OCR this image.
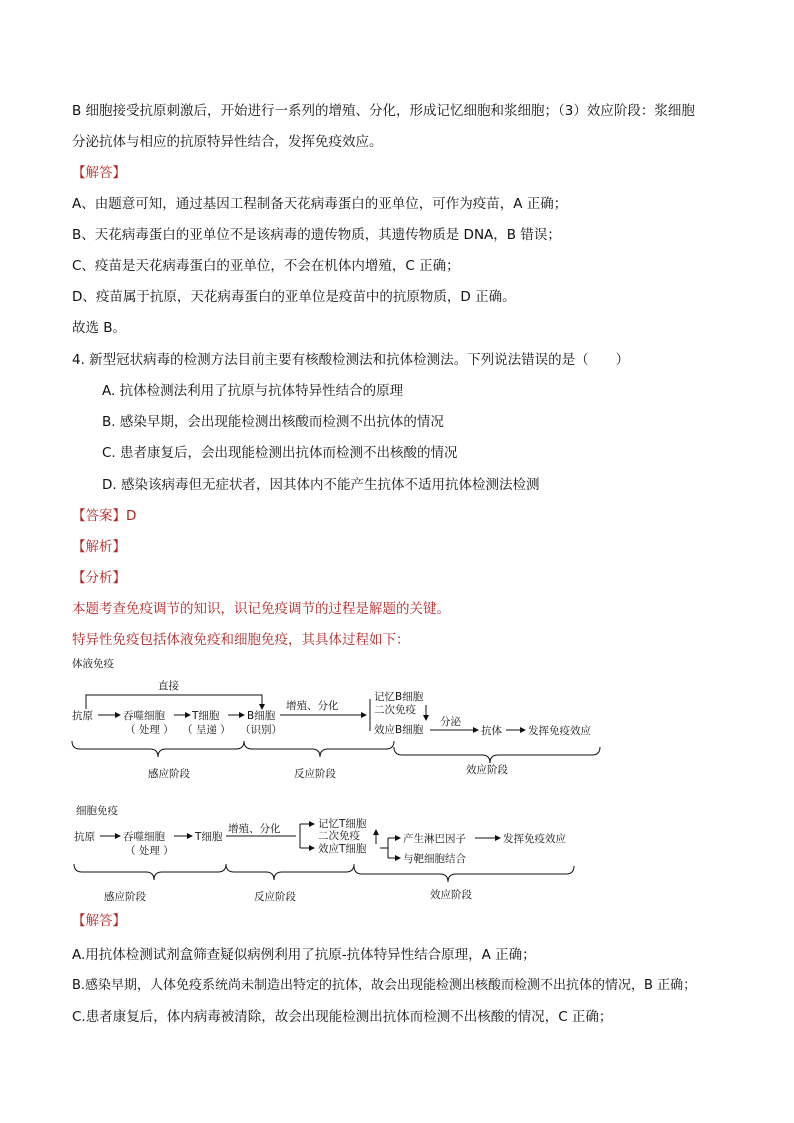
B 细胞接受抗原刺激后，开始进行一系列的增殖、分化，形成记忆细胞和浆细胞；（3）效应阶段：浆细胞
分泌抗体与相应的抗原特异性结合，发挥免疫效应。
【解答】
A、由题意可知，通过基因工程制备天花病毒蛋白的亚单位，可作为疫苗，A 正确；
B、天花病毒蛋白的亚单位不是该病毒的遗传物质，其遗传物质是 DNA，B 错误；
C、疫苗是天花病毒蛋白的亚单位，不会在机体内增殖，C 正确；
D、疫苗属于抗原，天花病毒蛋白的亚单位是疫苗中的抗原物质，D 正确。
故选 B。
4. 新型冠状病毒的检测方法目前主要有核酸检测法和抗体检测法。下列说法错误的是（　　）
A. 抗体检测法利用了抗原与抗体特异性结合的原理
B. 感染早期，会出现能检测出核酸而检测不出抗体的情况
C. 患者康复后，会出现能检测出抗体而检测不出核酸的情况
D. 感染该病毒但无症状者，因其体内不能产生抗体不适用抗体检测法检测
【答案】D
【解析】
【分析】
本题考查免疫调节的知识，识记免疫调节的过程是解题的关键。
特异性免疫包括体液免疫和细胞免疫，其具体过程如下：
体液免疫
直接
抗原	吞噬细胞
（ 处理 ）
T细胞
（ 呈递 ）
B细胞
（识别）
增殖、分化
记忆B细胞
二次免疫
效应B细胞
分泌
抗体 发挥免疫效应
感应阶段	反应阶段	效应阶段
细胞免疫
抗原	吞噬细胞
（ 处理 ）
T细胞
增殖、分化	记忆T细胞
二次免疫
效应T细胞
产生淋巴因子	发挥免疫效应
与靶细胞结合
感应阶段	反应阶段	效应阶段
【解答】
A.用抗体检测试剂盒筛查疑似病例利用了抗原-抗体特异性结合原理，A 正确；
B.感染早期，人体免疫系统尚未制造出特定的抗体，故会出现能检测出核酸而检测不出抗体的情况，B 正确；
C.患者康复后，体内病毒被清除，故会出现能检测出抗体而检测不出核酸的情况，C 正确；
